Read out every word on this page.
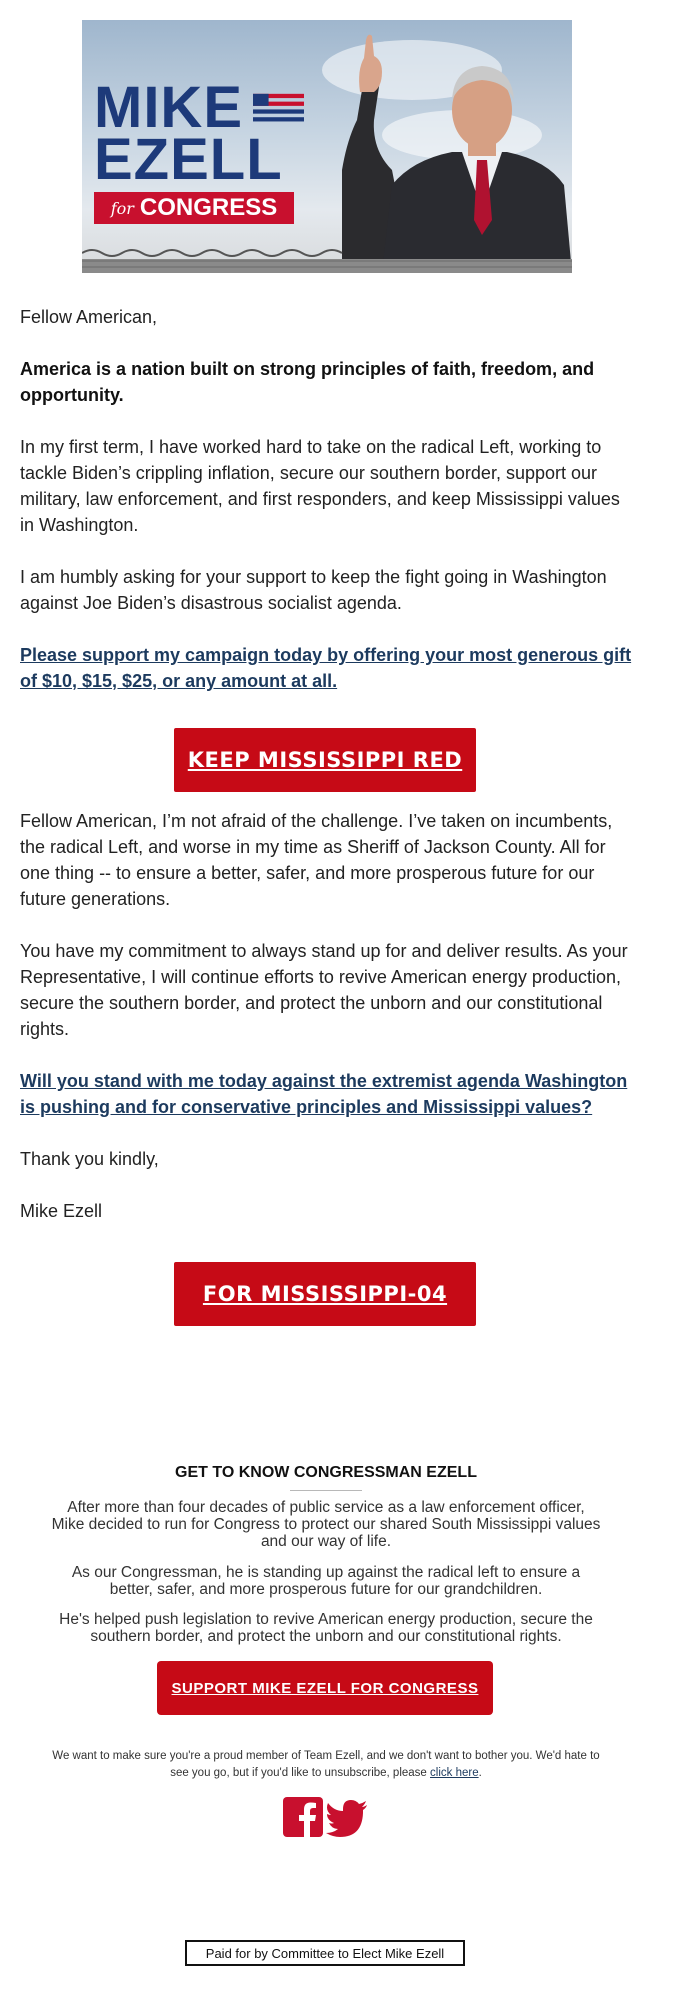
MIKE
EZELL
for CONGRESS

Fellow American,

America is a nation built on strong principles of faith, freedom, and opportunity.

In my first term, I have worked hard to take on the radical Left, working to tackle Biden’s crippling inflation, secure our southern border, support our military, law enforcement, and first responders, and keep Mississippi values in Washington.

I am humbly asking for your support to keep the fight going in Washington against Joe Biden’s disastrous socialist agenda.

Please support my campaign today by offering your most generous gift of $10, $15, $25, or any amount at all.

Fellow American, I’m not afraid of the challenge. I’ve taken on incumbents, the radical Left, and worse in my time as Sheriff of Jackson County. All for one thing -- to ensure a better, safer, and more prosperous future for our future generations.

You have my commitment to always stand up for and deliver results. As your Representative, I will continue efforts to revive American energy production, secure the southern border, and protect the unborn and our constitutional rights.

Will you stand with me today against the extremist agenda Washington is pushing and for conservative principles and Mississippi values?

Thank you kindly,

Mike Ezell

KEEP MISSISSIPPI RED
FOR MISSISSIPPI-04
GET TO KNOW CONGRESSMAN EZELL

After more than four decades of public service as a law enforcement officer, Mike decided to run for Congress to protect our shared South Mississippi values and our way of life.

As our Congressman, he is standing up against the radical left to ensure a better, safer, and more prosperous future for our grandchildren.

He's helped push legislation to revive American energy production, secure the southern border, and protect the unborn and our constitutional rights.

SUPPORT MIKE EZELL FOR CONGRESS

We want to make sure you're a proud member of Team Ezell, and we don't want to bother you. We'd hate to see you go, but if you'd like to unsubscribe, please click here.

Paid for by Committee to Elect Mike Ezell
